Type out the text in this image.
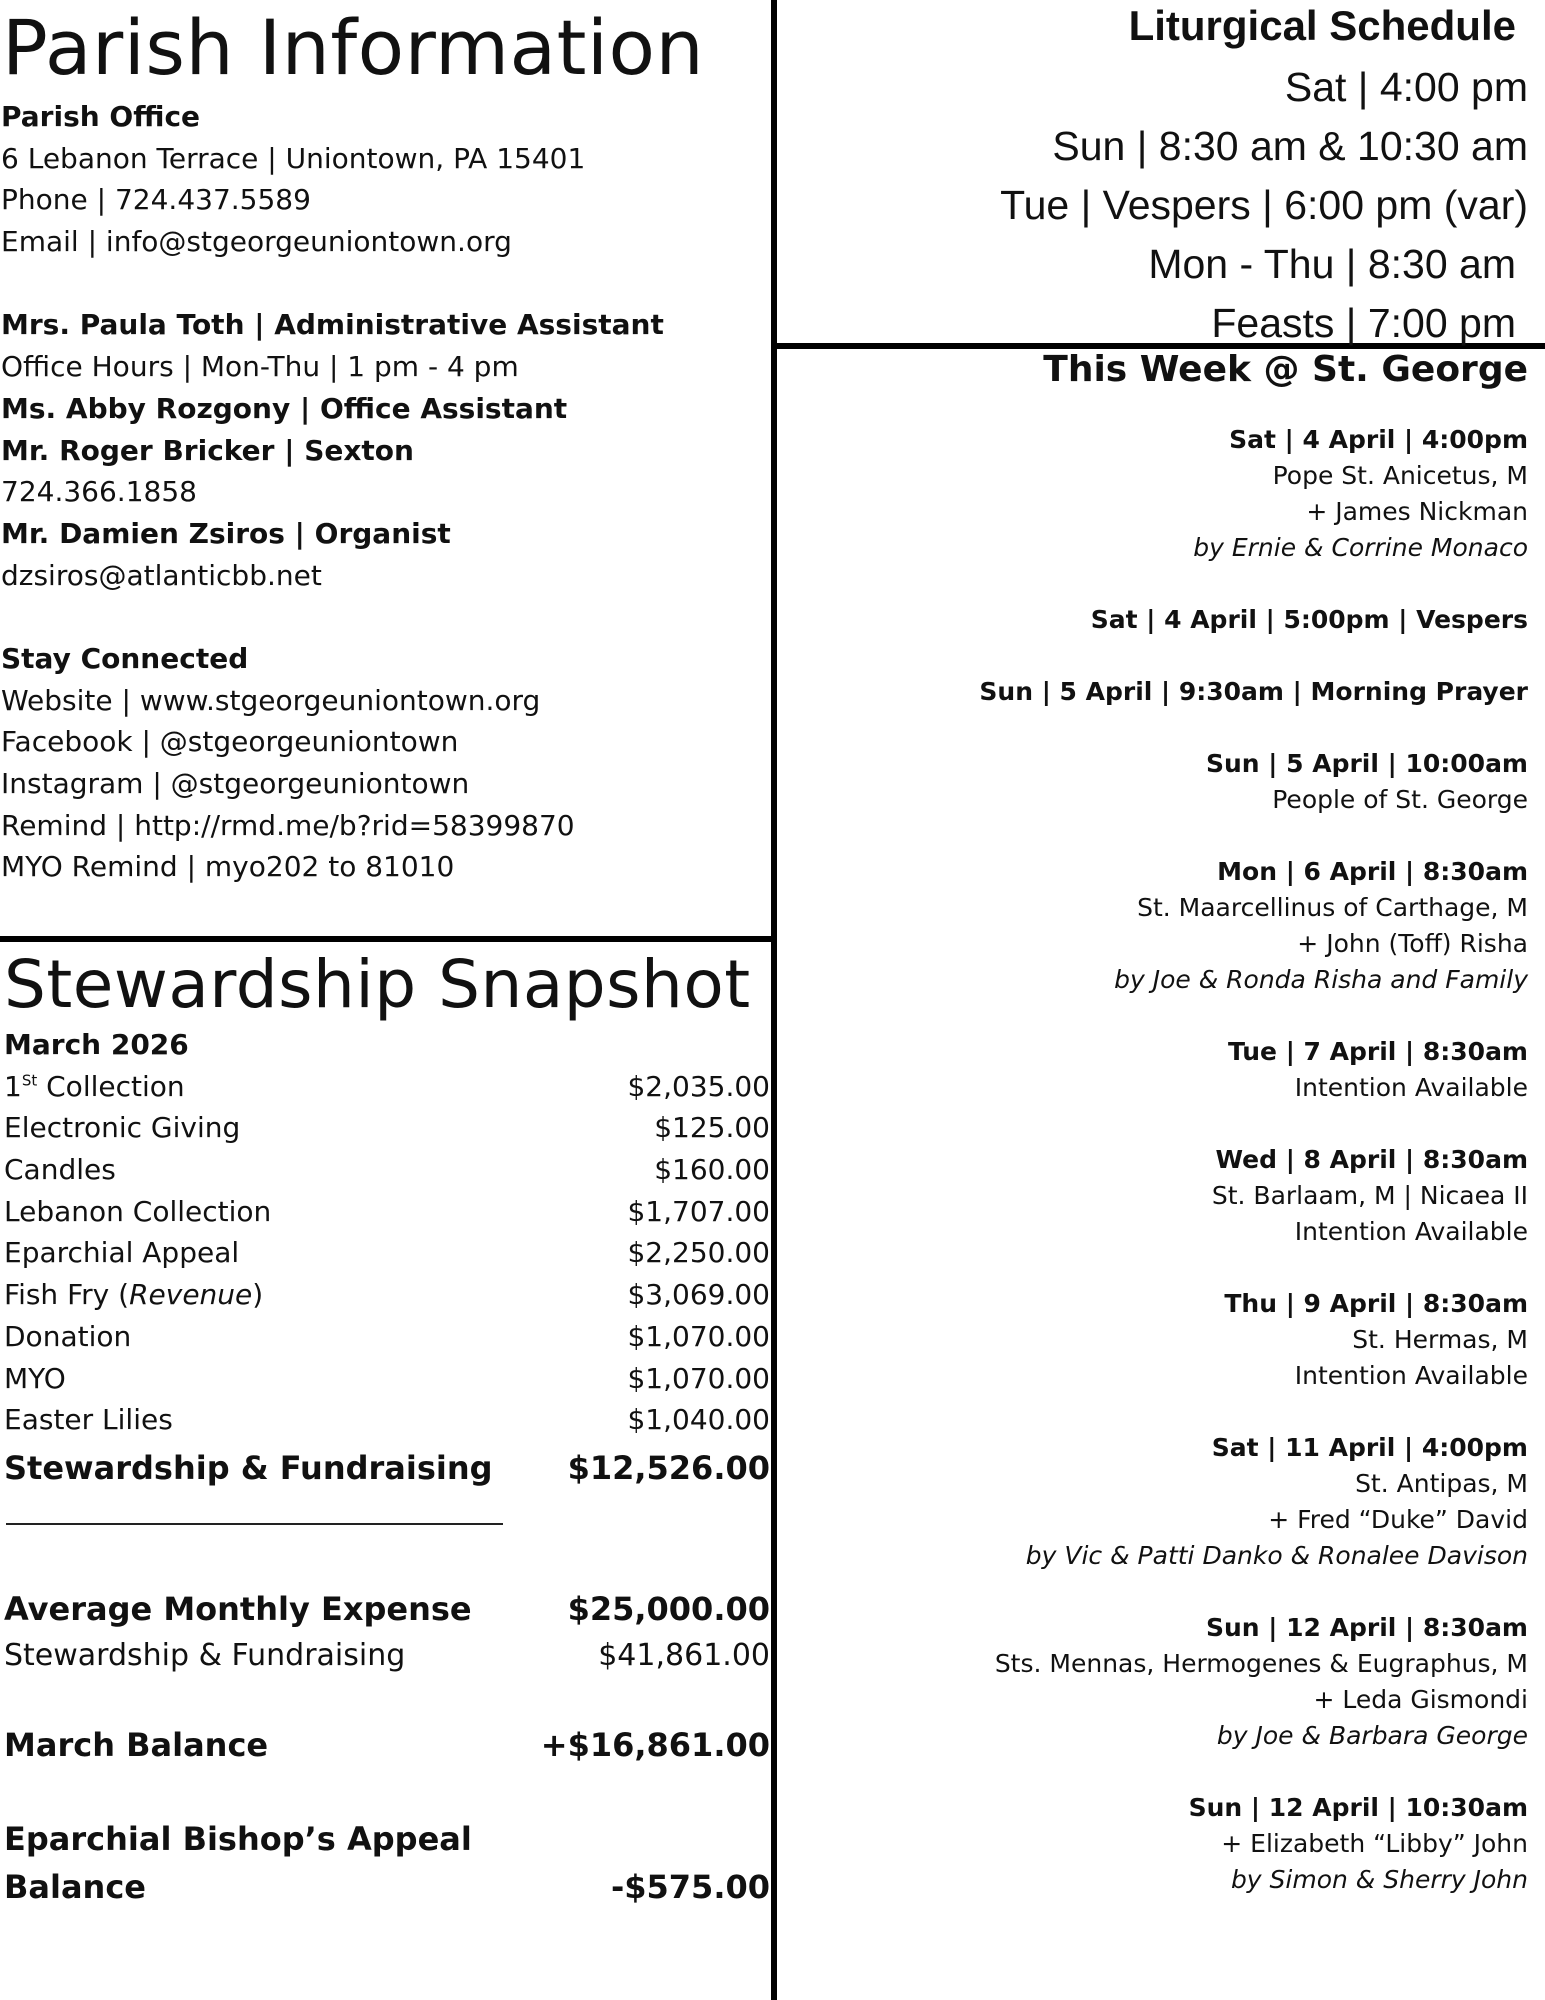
Parish Information
Parish Office
6 Lebanon Terrace | Uniontown, PA 15401
Phone | 724.437.5589
Email | info@stgeorgeuniontown.org
Mrs. Paula Toth | Administrative Assistant
Office Hours | Mon-Thu | 1 pm - 4 pm
Ms. Abby Rozgony | Office Assistant
Mr. Roger Bricker | Sexton
724.366.1858
Mr. Damien Zsiros | Organist
dzsiros@atlanticbb.net
Stay Connected
Website | www.stgeorgeuniontown.org
Facebook | @stgeorgeuniontown
Instagram | @stgeorgeuniontown
Remind | http://rmd.me/b?rid=58399870
MYO Remind | myo202 to 81010
Stewardship Snapshot
March 2026
1St Collection	$2,035.00
Electronic Giving	$125.00
Candles	$160.00
Lebanon Collection	$1,707.00
Eparchial Appeal	$2,250.00
Fish Fry (Revenue)	$3,069.00
Donation	$1,070.00
MYO	$1,070.00
Easter Lilies	$1,040.00
Stewardship & Fundraising	$12,526.00
Average Monthly Expense	$25,000.00
Stewardship & Fundraising	$41,861.00
March Balance	+$16,861.00
Eparchial Bishop’s Appeal
Balance	-$575.00
Liturgical Schedule
Sat | 4:00 pm
Sun | 8:30 am & 10:30 am
Tue | Vespers | 6:00 pm (var)
Mon - Thu | 8:30 am
Feasts | 7:00 pm
This Week @ St. George
Sat | 4 April | 4:00pm
Pope St. Anicetus, M
+ James Nickman
by Ernie & Corrine Monaco
Sat | 4 April | 5:00pm | Vespers
Sun | 5 April | 9:30am | Morning Prayer
Sun | 5 April | 10:00am
People of St. George
Mon | 6 April | 8:30am
St. Maarcellinus of Carthage, M
+ John (Toff) Risha
by Joe & Ronda Risha and Family
Tue | 7 April | 8:30am
Intention Available
Wed | 8 April | 8:30am
St. Barlaam, M | Nicaea II
Intention Available
Thu | 9 April | 8:30am
St. Hermas, M
Intention Available
Sat | 11 April | 4:00pm
St. Antipas, M
+ Fred “Duke” David
by Vic & Patti Danko & Ronalee Davison
Sun | 12 April | 8:30am
Sts. Mennas, Hermogenes & Eugraphus, M
+ Leda Gismondi
by Joe & Barbara George
Sun | 12 April | 10:30am
+ Elizabeth “Libby” John
by Simon & Sherry John
